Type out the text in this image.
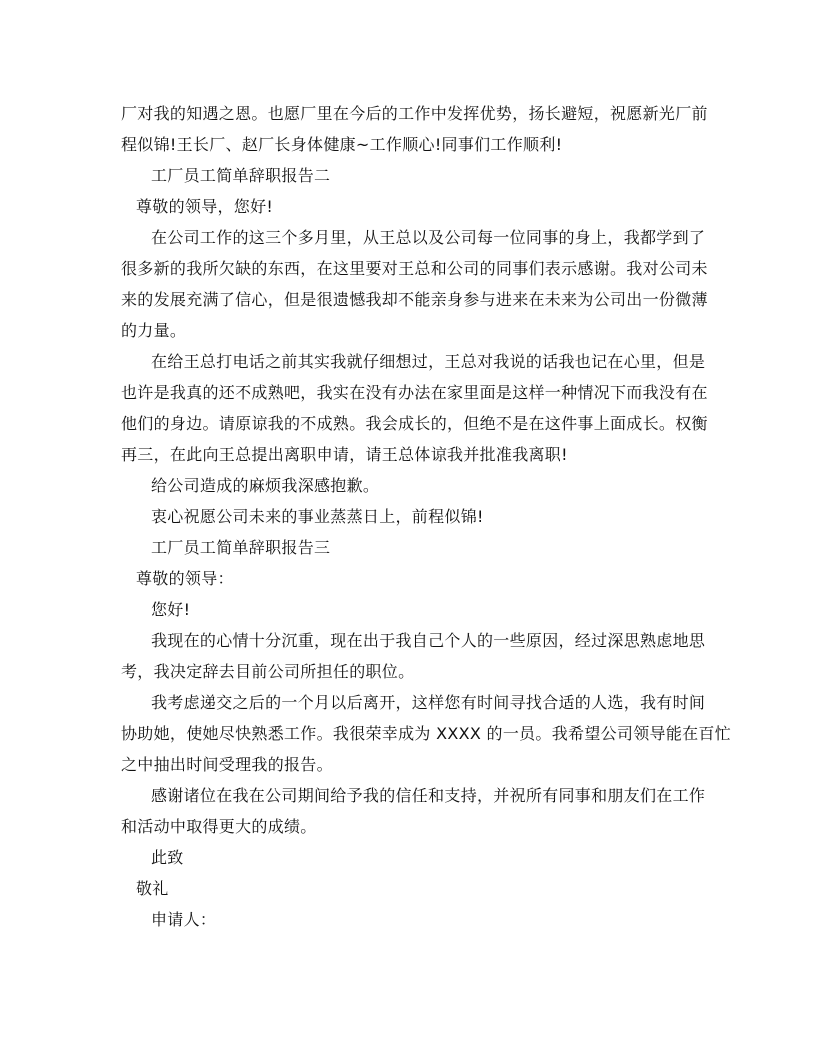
厂对我的知遇之恩。也愿厂里在今后的工作中发挥优势，扬长避短，祝愿新光厂前
程似锦!王长厂、赵厂长身体健康~工作顺心!同事们工作顺利!
工厂员工简单辞职报告二
尊敬的领导，您好!
在公司工作的这三个多月里，从王总以及公司每一位同事的身上，我都学到了
很多新的我所欠缺的东西，在这里要对王总和公司的同事们表示感谢。我对公司未
来的发展充满了信心，但是很遗憾我却不能亲身参与进来在未来为公司出一份微薄
的力量。
在给王总打电话之前其实我就仔细想过，王总对我说的话我也记在心里，但是
也许是我真的还不成熟吧，我实在没有办法在家里面是这样一种情况下而我没有在
他们的身边。请原谅我的不成熟。我会成长的，但绝不是在这件事上面成长。权衡
再三，在此向王总提出离职申请，请王总体谅我并批准我离职!
给公司造成的麻烦我深感抱歉。
衷心祝愿公司未来的事业蒸蒸日上，前程似锦!
工厂员工简单辞职报告三
尊敬的领导：
您好!
我现在的心情十分沉重，现在出于我自己个人的一些原因，经过深思熟虑地思
考，我决定辞去目前公司所担任的职位。
我考虑递交之后的一个月以后离开，这样您有时间寻找合适的人选，我有时间
协助她，使她尽快熟悉工作。我很荣幸成为 XXXX 的一员。我希望公司领导能在百忙
之中抽出时间受理我的报告。
感谢诸位在我在公司期间给予我的信任和支持，并祝所有同事和朋友们在工作
和活动中取得更大的成绩。
此致
敬礼
申请人：
